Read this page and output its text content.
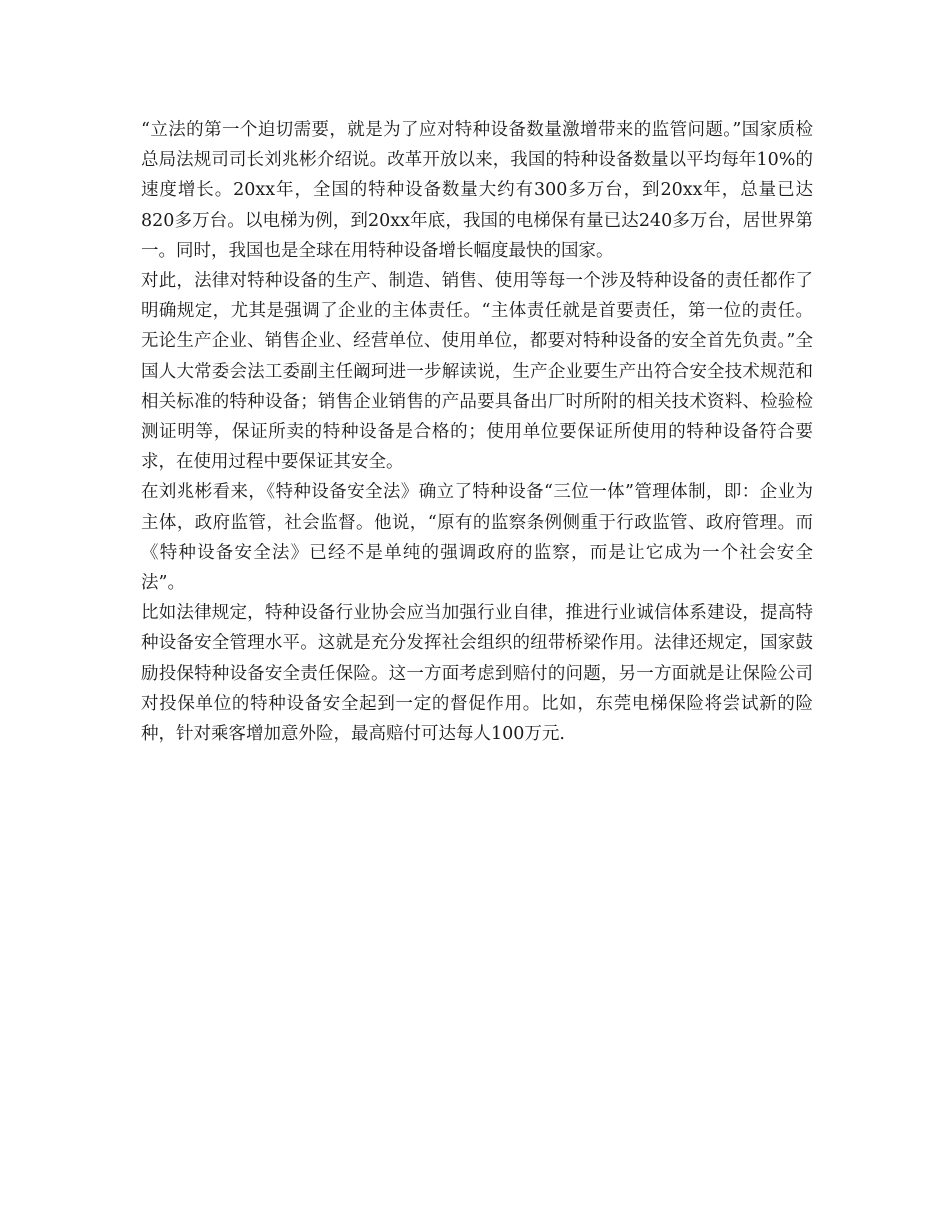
“立法的第一个迫切需要，就是为了应对特种设备数量激增带来的监管问题。”国家质检总局法规司司长刘兆彬介绍说。改革开放以来，我国的特种设备数量以平均每年10%的速度增长。20xx年，全国的特种设备数量大约有300多万台，到20xx年，总量已达820多万台。以电梯为例，到20xx年底，我国的电梯保有量已达240多万台，居世界第一。同时，我国也是全球在用特种设备增长幅度最快的国家。

对此，法律对特种设备的生产、制造、销售、使用等每一个涉及特种设备的责任都作了明确规定，尤其是强调了企业的主体责任。“主体责任就是首要责任，第一位的责任。无论生产企业、销售企业、经营单位、使用单位，都要对特种设备的安全首先负责。”全国人大常委会法工委副主任阚珂进一步解读说，生产企业要生产出符合安全技术规范和相关标准的特种设备；销售企业销售的产品要具备出厂时所附的相关技术资料、检验检测证明等，保证所卖的特种设备是合格的；使用单位要保证所使用的特种设备符合要求，在使用过程中要保证其安全。

在刘兆彬看来，《特种设备安全法》确立了特种设备“三位一体”管理体制，即：企业为主体，政府监管，社会监督。他说，“原有的监察条例侧重于行政监管、政府管理。而《特种设备安全法》已经不是单纯的强调政府的监察，而是让它成为一个社会安全法”。

比如法律规定，特种设备行业协会应当加强行业自律，推进行业诚信体系建设，提高特种设备安全管理水平。这就是充分发挥社会组织的纽带桥梁作用。法律还规定，国家鼓励投保特种设备安全责任保险。这一方面考虑到赔付的问题，另一方面就是让保险公司对投保单位的特种设备安全起到一定的督促作用。比如，东莞电梯保险将尝试新的险种，针对乘客增加意外险，最高赔付可达每人100万元.
